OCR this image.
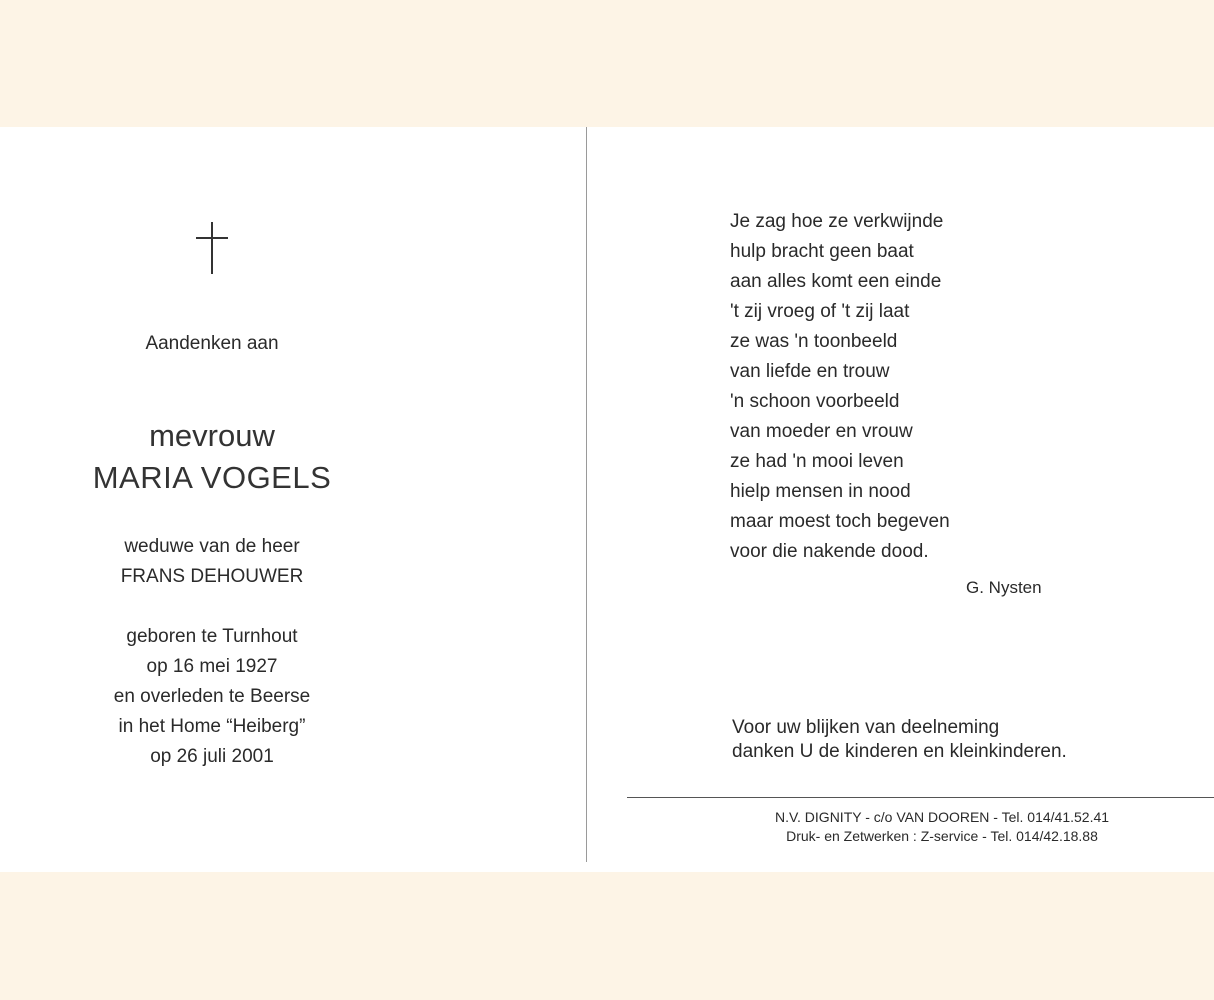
Aandenken aan
mevrouw
MARIA VOGELS
weduwe van de heer
FRANS DEHOUWER
geboren te Turnhout
op 16 mei 1927
en overleden te Beerse
in het Home “Heiberg”
op 26 juli 2001
Je zag hoe ze verkwijnde
hulp bracht geen baat
aan alles komt een einde
't zij vroeg of 't zij laat
ze was 'n toonbeeld
van liefde en trouw
'n schoon voorbeeld
van moeder en vrouw
ze had 'n mooi leven
hielp mensen in nood
maar moest toch begeven
voor die nakende dood.
G. Nysten
Voor uw blijken van deelneming
danken U de kinderen en kleinkinderen.
N.V. DIGNITY - c/o VAN DOOREN - Tel. 014/41.52.41
Druk- en Zetwerken : Z-service - Tel. 014/42.18.88
